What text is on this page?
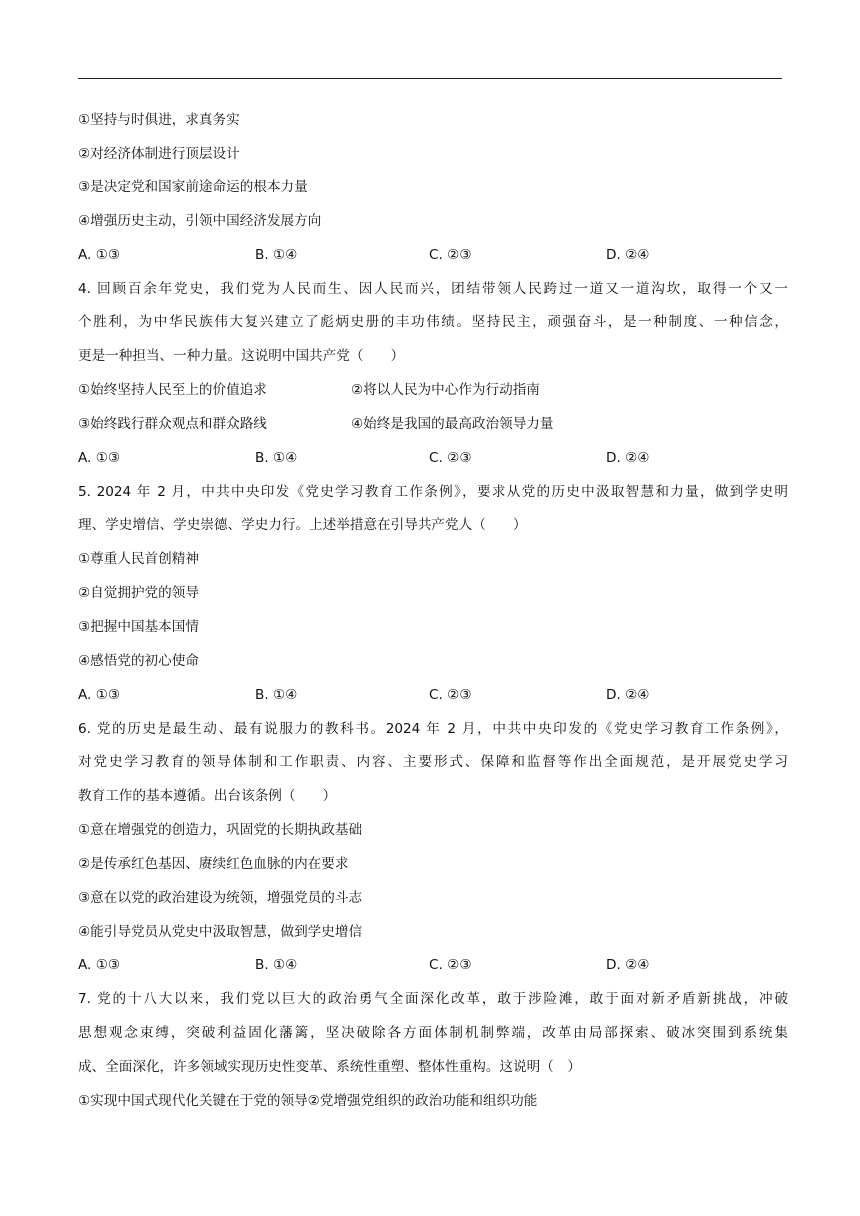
①坚持与时俱进，求真务实
②对经济体制进行顶层设计
③是决定党和国家前途命运的根本力量
④增强历史主动，引领中国经济发展方向
A. ①③	B. ①④	C. ②③	D. ②④
4. 回顾百余年党史，我们党为人民而生、因人民而兴，团结带领人民跨过一道又一道沟坎，取得一个又一
个胜利，为中华民族伟大复兴建立了彪炳史册的丰功伟绩。坚持民主，顽强奋斗，是一种制度、一种信念，
更是一种担当、一种力量。这说明中国共产党（　　）
①始终坚持人民至上的价值追求	②将以人民为中心作为行动指南
③始终践行群众观点和群众路线	④始终是我国的最高政治领导力量
A. ①③	B. ①④	C. ②③	D. ②④
5. 2024 年 2 月，中共中央印发《党史学习教育工作条例》，要求从党的历史中汲取智慧和力量，做到学史明
理、学史增信、学史崇德、学史力行。上述举措意在引导共产党人（　　）
①尊重人民首创精神
②自觉拥护党的领导
③把握中国基本国情
④感悟党的初心使命
A. ①③	B. ①④	C. ②③	D. ②④
6. 党的历史是最生动、最有说服力的教科书。2024 年 2 月，中共中央印发的《党史学习教育工作条例》，
对党史学习教育的领导体制和工作职责、内容、主要形式、保障和监督等作出全面规范，是开展党史学习
教育工作的基本遵循。出台该条例（　　）
①意在增强党的创造力，巩固党的长期执政基础
②是传承红色基因、赓续红色血脉的内在要求
③意在以党的政治建设为统领，增强党员的斗志
④能引导党员从党史中汲取智慧，做到学史增信
A. ①③	B. ①④	C. ②③	D. ②④
7. 党的十八大以来，我们党以巨大的政治勇气全面深化改革，敢于涉险滩，敢于面对新矛盾新挑战，冲破
思想观念束缚，突破利益固化藩篱，坚决破除各方面体制机制弊端，改革由局部探索、破冰突围到系统集
成、全面深化，许多领域实现历史性变革、系统性重塑、整体性重构。这说明（　）
①实现中国式现代化关键在于党的领导②党增强党组织的政治功能和组织功能
